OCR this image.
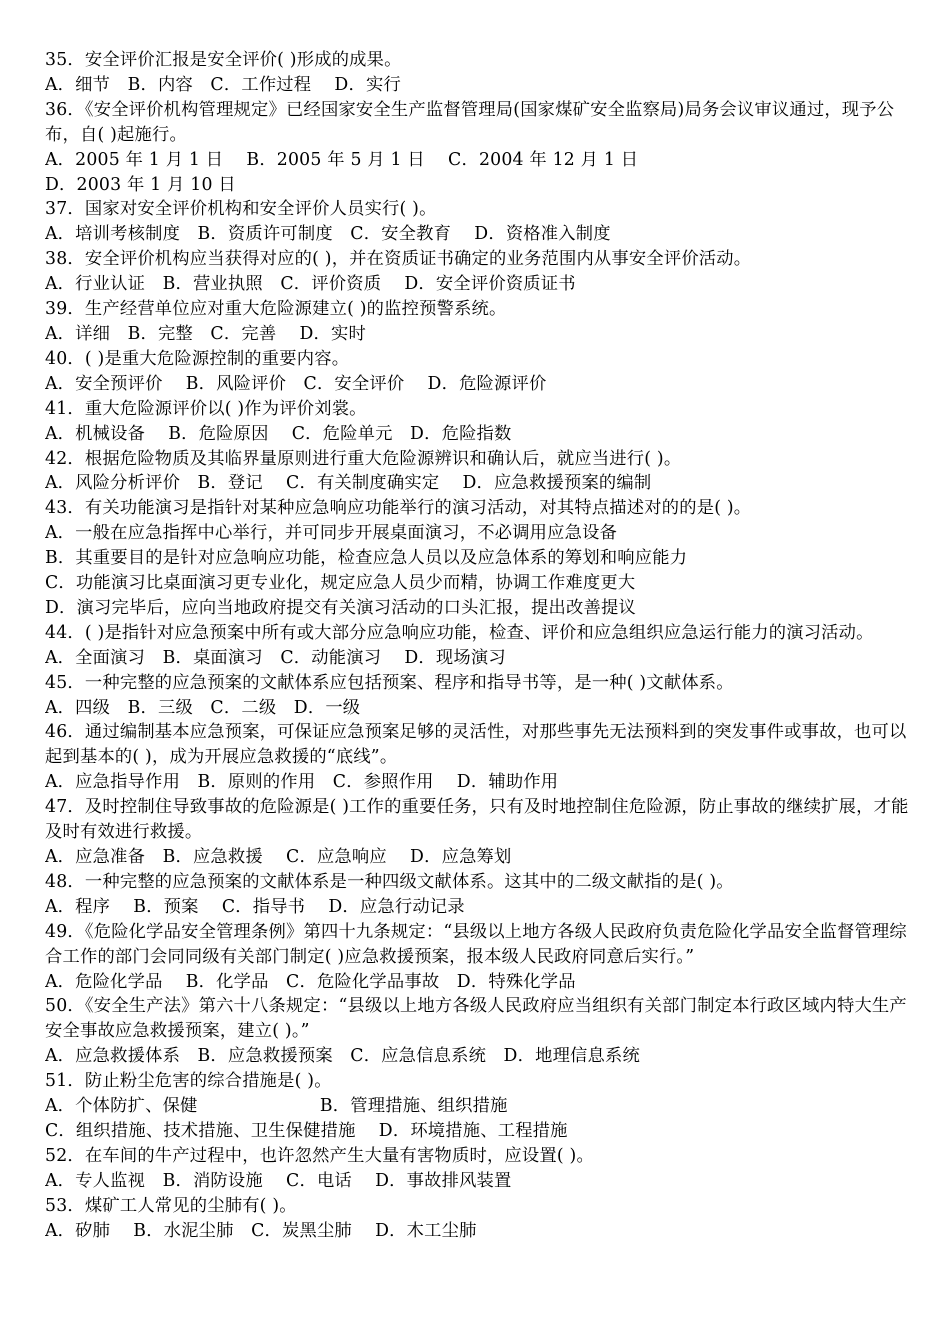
35．安全评价汇报是安全评价( )形成的成果。
A．细节　B．内容　C．工作过程　 D．实行
36．《安全评价机构管理规定》已经国家安全生产监督管理局(国家煤矿安全监察局)局务会议审议通过，现予公布，自( )起施行。
A．2005 年 1 月 1 日　 B．2005 年 5 月 1 日　 C．2004 年 12 月 1 日
D．2003 年 1 月 10 日
37．国家对安全评价机构和安全评价人员实行( )。
A．培训考核制度　B．资质许可制度　C．安全教育　 D．资格准入制度
38．安全评价机构应当获得对应的( )，并在资质证书确定的业务范围内从事安全评价活动。
A．行业认证　B．营业执照　C．评价资质　 D．安全评价资质证书
39．生产经营单位应对重大危险源建立( )的监控预警系统。
A．详细　B．完整　C．完善　 D．实时
40．( )是重大危险源控制的重要内容。
A．安全预评价　 B．风险评价　C．安全评价　 D．危险源评价
41．重大危险源评价以( )作为评价刘裳。
A．机械设备　 B．危险原因　 C．危险单元　D．危险指数
42．根据危险物质及其临界量原则进行重大危险源辨识和确认后，就应当进行( )。
A．风险分析评价　B．登记　 C．有关制度确实定　 D．应急救援预案的编制
43．有关功能演习是指针对某种应急响应功能举行的演习活动，对其特点描述对的的是( )。
A．一般在应急指挥中心举行，并可同步开展桌面演习，不必调用应急设备
B．其重要目的是针对应急响应功能，检查应急人员以及应急体系的筹划和响应能力
C．功能演习比桌面演习更专业化，规定应急人员少而精，协调工作难度更大
D．演习完毕后，应向当地政府提交有关演习活动的口头汇报，提出改善提议
44．( )是指针对应急预案中所有或大部分应急响应功能，检查、评价和应急组织应急运行能力的演习活动。
A．全面演习　B．桌面演习　C．动能演习　 D．现场演习
45．一种完整的应急预案的文献体系应包括预案、程序和指导书等，是一种( )文献体系。
A．四级　B．三级　C．二级　D．一级
46．通过编制基本应急预案，可保证应急预案足够的灵活性，对那些事先无法预料到的突发事件或事故，也可以起到基本的( )，成为开展应急救援的“底线”。
A．应急指导作用　B．原则的作用　C．参照作用　 D．辅助作用
47．及时控制住导致事故的危险源是( )工作的重要任务，只有及时地控制住危险源，防止事故的继续扩展，才能及时有效进行救援。
A．应急准备　B．应急救援　 C．应急响应　 D．应急筹划
48．一种完整的应急预案的文献体系是一种四级文献体系。这其中的二级文献指的是( )。
A．程序　 B．预案　 C．指导书　 D．应急行动记录
49．《危险化学品安全管理条例》第四十九条规定：“县级以上地方各级人民政府负责危险化学品安全监督管理综合工作的部门会同同级有关部门制定( )应急救援预案，报本级人民政府同意后实行。”
A．危险化学品　 B．化学品　C．危险化学品事故　D．特殊化学品
50．《安全生产法》第六十八条规定：“县级以上地方各级人民政府应当组织有关部门制定本行政区域内特大生产安全事故应急救援预案，建立( )。”
A．应急救援体系　B．应急救援预案　C．应急信息系统　D．地理信息系统
51．防止粉尘危害的综合措施是( )。
A．个体防扩、保健　　　　　　　B．管理措施、组织措施
C．组织措施、技术措施、卫生保健措施　 D．环境措施、工程措施
52．在车间的牛产过程中，也许忽然产生大量有害物质时，应设置( )。
A．专人监视　B．消防设施　 C．电话　 D．事故排风装置
53．煤矿工人常见的尘肺有( )。
A．矽肺　 B．水泥尘肺　C．炭黑尘肺　 D．木工尘肺
